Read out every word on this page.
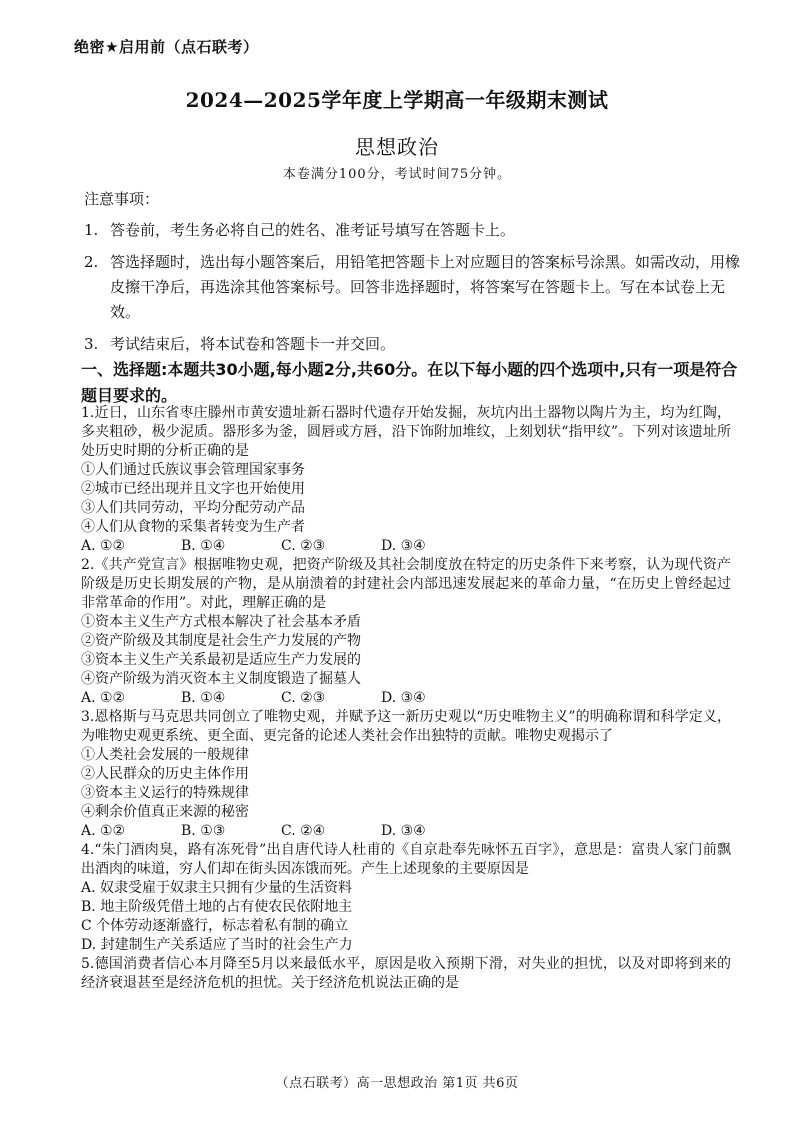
绝密★启用前（点石联考）
2024—2025学年度上学期高一年级期末测试
思想政治
本卷满分100分，考试时间75分钟。
注意事项：
1. 答卷前，考生务必将自己的姓名、准考证号填写在答题卡上。
2. 答选择题时，选出每小题答案后，用铅笔把答题卡上对应题目的答案标号涂黑。如需改动，用橡皮擦干净后，再选涂其他答案标号。回答非选择题时，将答案写在答题卡上。写在本试卷上无效。
3. 考试结束后，将本试卷和答题卡一并交回。
一、选择题:本题共30小题,每小题2分,共60分。在以下每小题的四个选项中,只有一项是符合题目要求的。
1.近日，山东省枣庄滕州市黄安遗址新石器时代遗存开始发掘，灰坑内出土器物以陶片为主，均为红陶，多夹粗砂，极少泥质。器形多为釜，圆唇或方唇，沿下饰附加堆纹，上刻划状“指甲纹”。下列对该遗址所处历史时期的分析正确的是
①人们通过氏族议事会管理国家事务
②城市已经出现并且文字也开始使用
③人们共同劳动，平均分配劳动产品
④人们从食物的采集者转变为生产者
A. ①②	B. ①④	C. ②③	D. ③④
2.《共产党宣言》根据唯物史观，把资产阶级及其社会制度放在特定的历史条件下来考察，认为现代资产阶级是历史长期发展的产物，是从崩溃着的封建社会内部迅速发展起来的革命力量，“在历史上曾经起过非常革命的作用”。对此，理解正确的是
①资本主义生产方式根本解决了社会基本矛盾
②资产阶级及其制度是社会生产力发展的产物
③资本主义生产关系最初是适应生产力发展的
④资产阶级为消灭资本主义制度锻造了掘墓人
A. ①②	B. ①④	C. ②③	D. ③④
3.恩格斯与马克思共同创立了唯物史观，并赋予这一新历史观以“历史唯物主义”的明确称谓和科学定义，为唯物史观更系统、更全面、更完备的论述人类社会作出独特的贡献。唯物史观揭示了
①人类社会发展的一般规律
②人民群众的历史主体作用
③资本主义运行的特殊规律
④剩余价值真正来源的秘密
A. ①②	B. ①③	C. ②④	D. ③④
4.“朱门酒肉臭，路有冻死骨”出自唐代诗人杜甫的《自京赴奉先咏怀五百字》，意思是：富贵人家门前飘出酒肉的味道，穷人们却在街头因冻饿而死。产生上述现象的主要原因是
A. 奴隶受雇于奴隶主只拥有少量的生活资料
B. 地主阶级凭借土地的占有使农民依附地主
C 个体劳动逐渐盛行，标志着私有制的确立
D. 封建制生产关系适应了当时的社会生产力
5.德国消费者信心本月降至5月以来最低水平，原因是收入预期下滑，对失业的担忧，以及对即将到来的经济衰退甚至是经济危机的担忧。关于经济危机说法正确的是
（点石联考）高一思想政治 第1页 共6页
